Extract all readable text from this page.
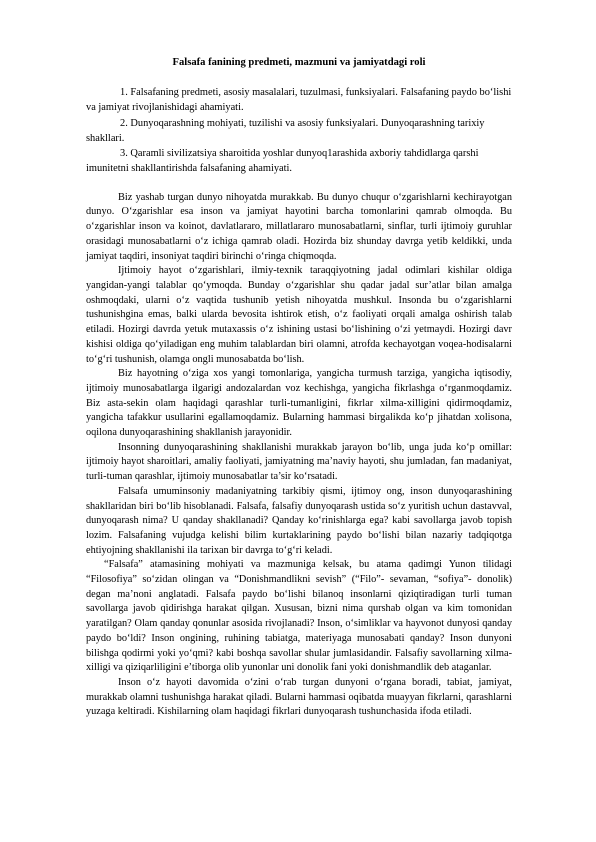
Falsafa fanining predmeti, mazmuni va jamiyatdagi roli

1. Falsafaning predmeti, asosiy masalalari, tuzulmasi, funksiyalari. Falsafaning paydo bo‘lishi va jamiyat rivojlanishidagi ahamiyati.

2. Dunyoqarashning mohiyati, tuzilishi va asosiy funksiyalari. Dunyoqarashning tarixiy shakllari.

3. Qaramli sivilizatsiya sharoitida yoshlar dunyoq1arashida axboriy tahdidlarga qarshi imunitetni shakllantirishda falsafaning ahamiyati.

Biz yashab turgan dunyo nihoyatda murakkab. Bu dunyo chuqur o‘zgarishlarni kechirayotgan dunyo. O‘zgarishlar esa inson va jamiyat hayotini barcha tomonlarini qamrab olmoqda. Bu o‘zgarishlar inson va koinot, davlatlararo, millatlararo munosabatlarni, sinflar, turli ijtimoiy guruhlar orasidagi munosabatlarni o‘z ichiga qamrab oladi. Hozirda biz shunday davrga yetib keldikki, unda jamiyat taqdiri, insoniyat taqdiri birinchi o‘ringa chiqmoqda.

Ijtimoiy hayot o‘zgarishlari, ilmiy-texnik taraqqiyotning jadal odimlari kishilar oldiga yangidan-yangi talablar qo‘ymoqda. Bunday o‘zgarishlar shu qadar jadal sur’atlar bilan amalga oshmoqdaki, ularni o‘z vaqtida tushunib yetish nihoyatda mushkul. Insonda bu o‘zgarishlarni tushunishgina emas, balki ularda bevosita ishtirok etish, o‘z faoliyati orqali amalga oshirish talab etiladi. Hozirgi davrda yetuk mutaxassis o‘z ishining ustasi bo‘lishining o‘zi yetmaydi. Hozirgi davr kishisi oldiga qo‘yiladigan eng muhim talablardan biri olamni, atrofda kechayotgan voqea-hodisalarni to‘g‘ri tushunish, olamga ongli munosabatda bo‘lish.

Biz hayotning o‘ziga xos yangi tomonlariga, yangicha turmush tarziga, yangicha iqtisodiy, ijtimoiy munosabatlarga ilgarigi andozalardan voz kechishga, yangicha fikrlashga o‘rganmoqdamiz. Biz asta-sekin olam haqidagi qarashlar turli-tumanligini, fikrlar xilma-xilligini qidirmoqdamiz, yangicha tafakkur usullarini egallamoqdamiz. Bularning hammasi birgalikda ko‘p jihatdan xolisona, oqilona dunyoqarashining shakllanish jarayonidir.

Insonning dunyoqarashining shakllanishi murakkab jarayon bo‘lib, unga juda ko‘p omillar: ijtimoiy hayot sharoitlari, amaliy faoliyati, jamiyatning ma’naviy hayoti, shu jumladan, fan madaniyat, turli-tuman qarashlar, ijtimoiy munosabatlar ta’sir ko‘rsatadi.

Falsafa umuminsoniy madaniyatning tarkibiy qismi, ijtimoy ong, inson dunyoqarashining shakllaridan biri bo‘lib hisoblanadi. Falsafa, falsafiy dunyoqarash ustida so‘z yuritish uchun dastavval, dunyoqarash nima? U qanday shakllanadi? Qanday ko‘rinishlarga ega? kabi savollarga javob topish lozim. Falsafaning vujudga kelishi bilim kurtaklarining paydo bo‘lishi bilan nazariy tadqiqotga ehtiyojning shakllanishi ila tarixan bir davrga to‘g‘ri keladi.

“Falsafa” atamasining mohiyati va mazmuniga kelsak, bu atama qadimgi Yunon tilidagi “Filosofiya” so‘zidan olingan va “Donishmandlikni sevish” (“Filo”- sevaman, “sofiya”- donolik) degan ma’noni anglatadi. Falsafa paydo bo‘lishi bilanoq insonlarni qiziqtiradigan turli tuman savollarga javob qidirishga harakat qilgan. Xususan, bizni nima qurshab olgan va kim tomonidan yaratilgan? Olam qanday qonunlar asosida rivojlanadi? Inson, o‘simliklar va hayvonot dunyosi qanday paydo bo‘ldi? Inson ongining, ruhining tabiatga, materiyaga munosabati qanday? Inson dunyoni bilishga qodirmi yoki yo‘qmi? kabi boshqa savollar shular jumlasidandir. Falsafiy savollarning xilma- xilligi va qiziqarliligini e’tiborga olib yunonlar uni donolik fani yoki donishmandlik deb ataganlar.

Inson o‘z hayoti davomida o‘zini o‘rab turgan dunyoni o‘rgana boradi, tabiat, jamiyat, murakkab olamni tushunishga harakat qiladi. Bularni hammasi oqibatda muayyan fikrlarni, qarashlarni yuzaga keltiradi. Kishilarning olam haqidagi fikrlari dunyoqarash tushunchasida ifoda etiladi.
